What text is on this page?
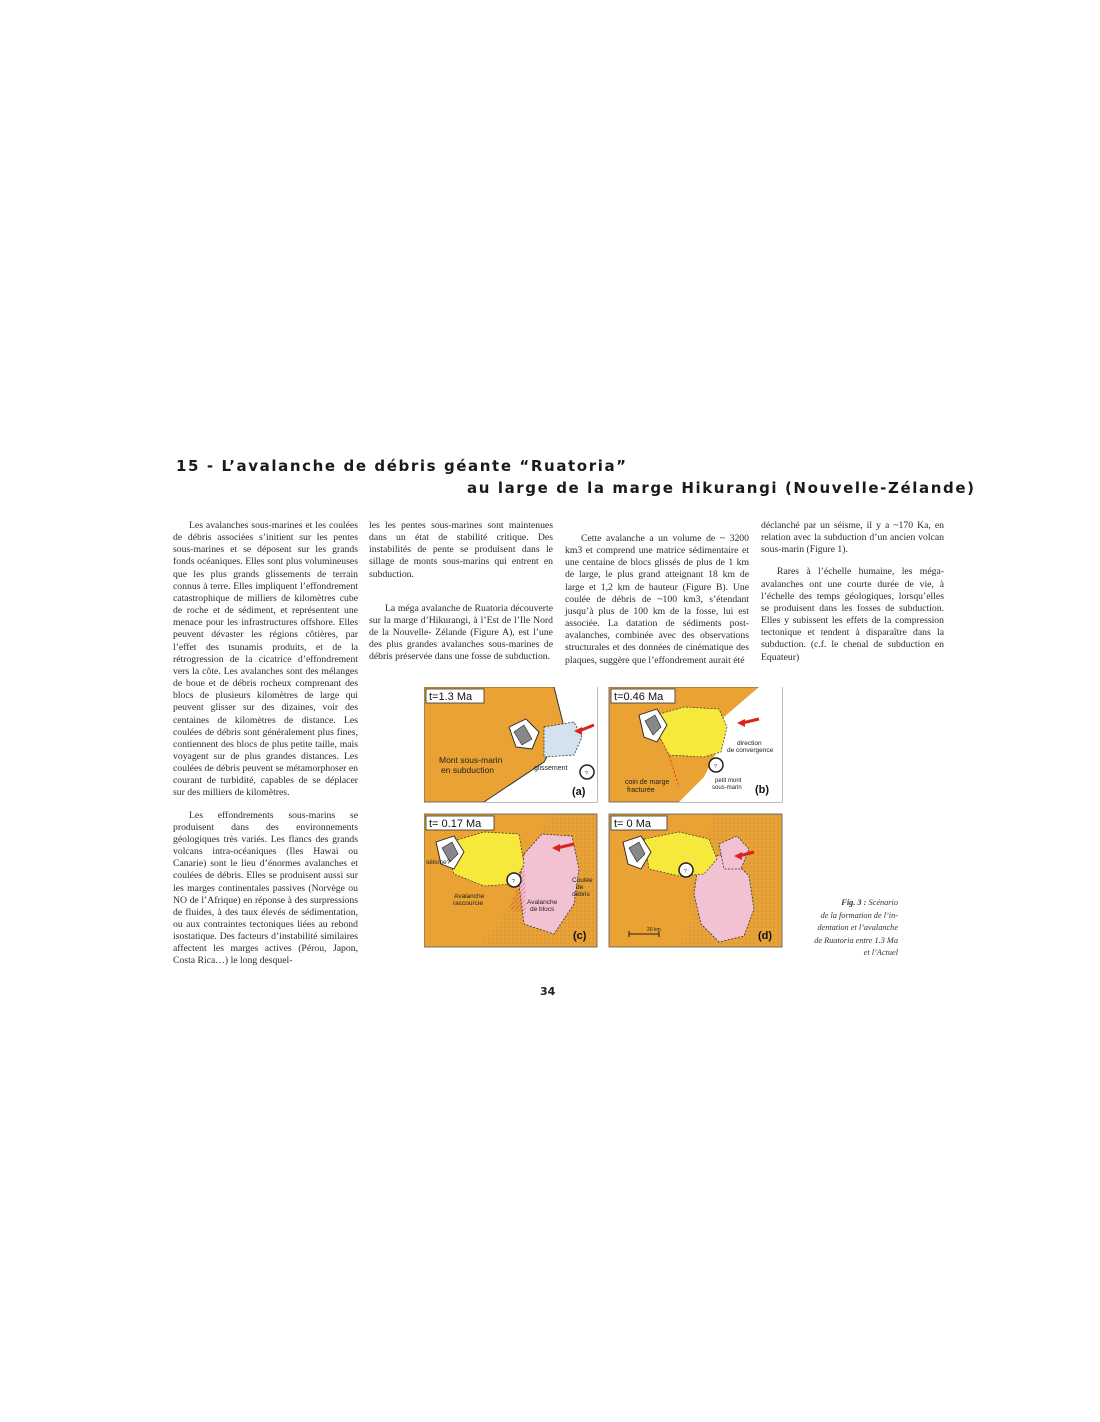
15 - L’avalanche de débris géante “Ruatoria”
au large de la marge Hikurangi (Nouvelle-Zélande)

Les avalanches sous-marines et les coulées de débris associées s’initient sur les pentes sous-marines et se déposent sur les grands fonds océaniques. Elles sont plus volumineuses que les plus grands glissements de terrain connus à terre. Elles impliquent l’effondrement catastrophique de milliers de kilomètres cube de roche et de sédiment, et représentent une menace pour les infrastructures offshore. Elles peuvent dévaster les régions côtières, par l’effet des tsunamis produits, et de la rétrogression de la cicatrice d’effondrement vers la côte. Les avalanches sont des mélanges de boue et de débris rocheux comprenant des blocs de plusieurs kilomètres de large qui peuvent glisser sur des dizaines, voir des centaines de kilomètres de distance. Les coulées de débris sont généralement plus fines, contiennent des blocs de plus petite taille, mais voyagent sur de plus grandes distances. Les coulées de débris peuvent se métamorphoser en courant de turbidité, capables de se déplacer sur des milliers de kilomètres.

Les effondrements sous-marins se produisent dans des environnements géologiques très variés. Les flancs des grands volcans intra-océaniques (Iles Hawai ou Canarie) sont le lieu d’énormes avalanches et coulées de débris. Elles se produisent aussi sur les marges continentales passives (Norvège ou NO de l’Afrique) en réponse à des surpressions de fluides, à des taux élevés de sédimentation, ou aux contraintes tectoniques liées au rebond isostatique. Des facteurs d’instabilité similaires affectent les marges actives (Pérou, Japon, Costa Rica…) le long desquel-

les les pentes sous-marines sont maintenues dans un état de stabilité critique. Des instabilités de pente se produisent dans le sillage de monts sous-marins qui entrent en subduction.

La méga avalanche de Ruatoria découverte sur la marge d’Hikurangi, à l’Est de l’Ile Nord de la Nouvelle- Zélande (Figure A), est l’une des plus grandes avalanches sous-marines de débris préservée dans une fosse de subduction.

Cette avalanche a un volume de ~ 3200 km3 et comprend une matrice sédimentaire et une centaine de blocs glissés de plus de 1 km de large, le plus grand atteignant 18 km de large et 1,2 km de hauteur (Figure B). Une coulée de débris de ~100 km3, s’étendant jusqu’à plus de 100 km de la fosse, lui est associée. La datation de sédiments post-avalanches, combinée avec des observations structurales et des données de cinématique des plaques, suggère que l’effondrement aurait été

déclanché par un séisme, il y a ~170 Ka, en relation avec la subduction d’un ancien volcan sous-marin (Figure 1).

Rares à l’échelle humaine, les méga-avalanches ont une courte durée de vie, à l’échelle des temps géologiques, lorsqu’elles se produisent dans les fosses de subduction. Elles y subissent les effets de la compression tectonique et tendent à disparaître dans la subduction. (c.f. le chenal de subduction en Equateur)

?
t=1.3 Ma
Mont sous-marin
en subduction	glissement
(a)
?
t=0.46 Ma
direction
de convergence
coin de marge
fracturée
petit mont
sous-marin (b)
?
t= 0.17 Ma
séisme?
Avalanche
raccourcie	Avalanche
de blocs
Coulée
de
débris
(c)
?
t= 0 Ma
20 km	(d)
Fig. 3 : Scénario
de la formation de l’in-
dentation et l’avalanche
de Ruatoria entre 1.3 Ma
et l’Actuel
34
